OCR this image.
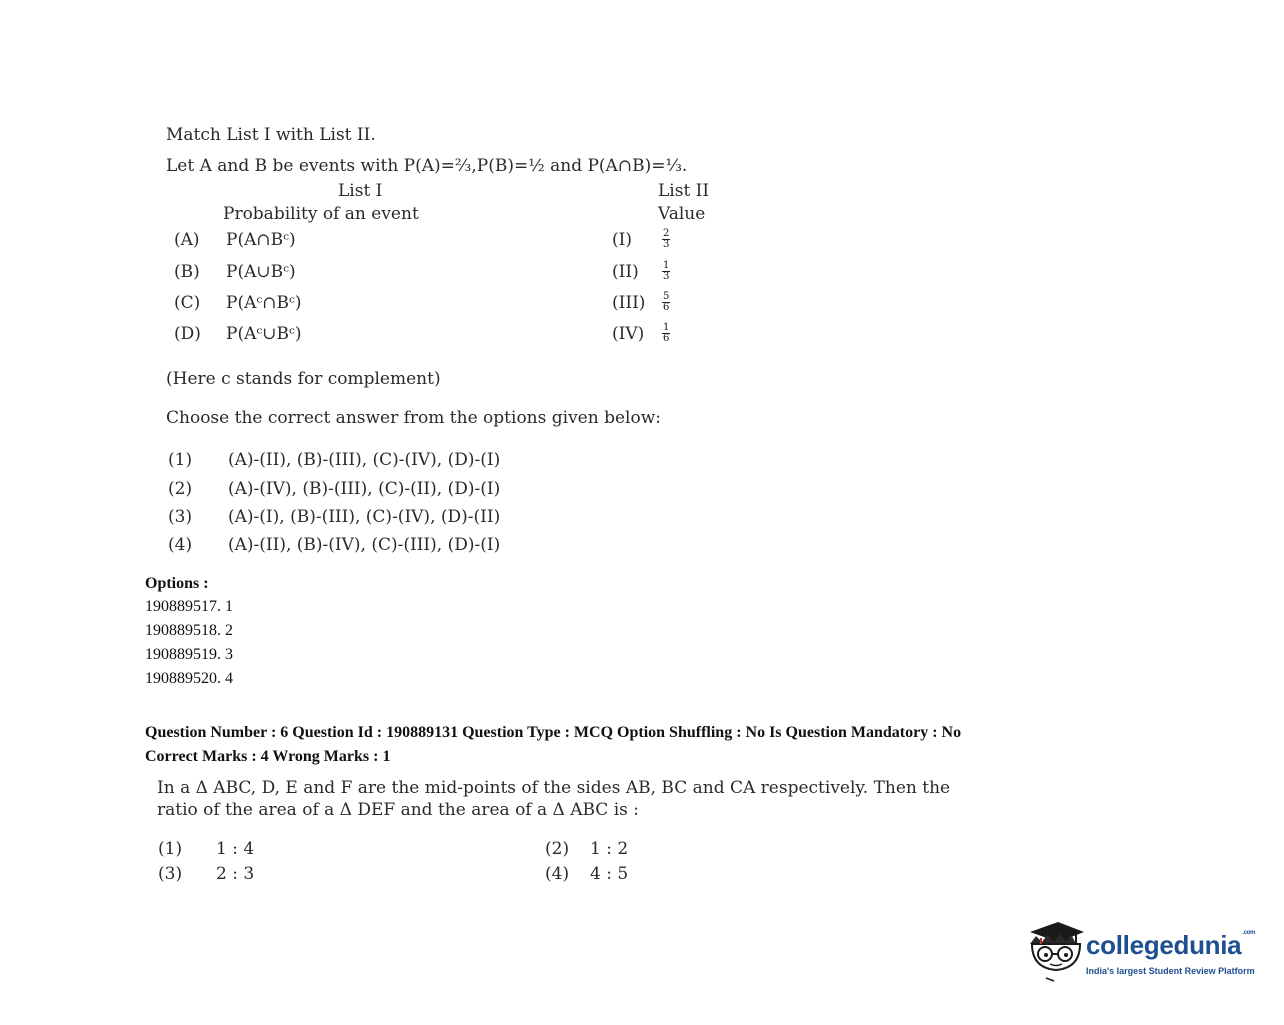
Match List I with List II.
Let A and B be events with P(A)=⅔,P(B)=½ and P(A∩B)=⅓.
List I	List II
Probability of an event	Value
(A) P(A∩Bᶜ)	(I)	$\frac{2}{3}$
(B) P(A∪Bᶜ)	$(II) \frac{1}{3}$
(C) P(Aᶜ∩Bᶜ)	$(III) \frac{5}{6}$
(D) P(Aᶜ∪Bᶜ)	$(IV) \frac{1}{6}$
(Here c stands for complement)
Choose the correct answer from the options given below:
(1) (A)-(II), (B)-(III), (C)-(IV), (D)-(I)
(2) (A)-(IV), (B)-(III), (C)-(II), (D)-(I)
(3) (A)-(I), (B)-(III), (C)-(IV), (D)-(II)
(4) (A)-(II), (B)-(IV), (C)-(III), (D)-(I)
Options :
190889517. 1
190889518. 2
190889519. 3
190889520. 4
Question Number : 6 Question Id : 190889131 Question Type : MCQ Option Shuffling : No Is Question Mandatory : No
Correct Marks : 4 Wrong Marks : 1
In a Δ ABC, D, E and F are the mid-points of the sides AB, BC and CA respectively. Then the
ratio of the area of a Δ DEF and the area of a Δ ABC is :
(1) 1 : 4	(2) 1 : 2
(3) 2 : 3	(4) 4 : 5
collegedunia$^{.com}$
India's largest Student Review Platform
